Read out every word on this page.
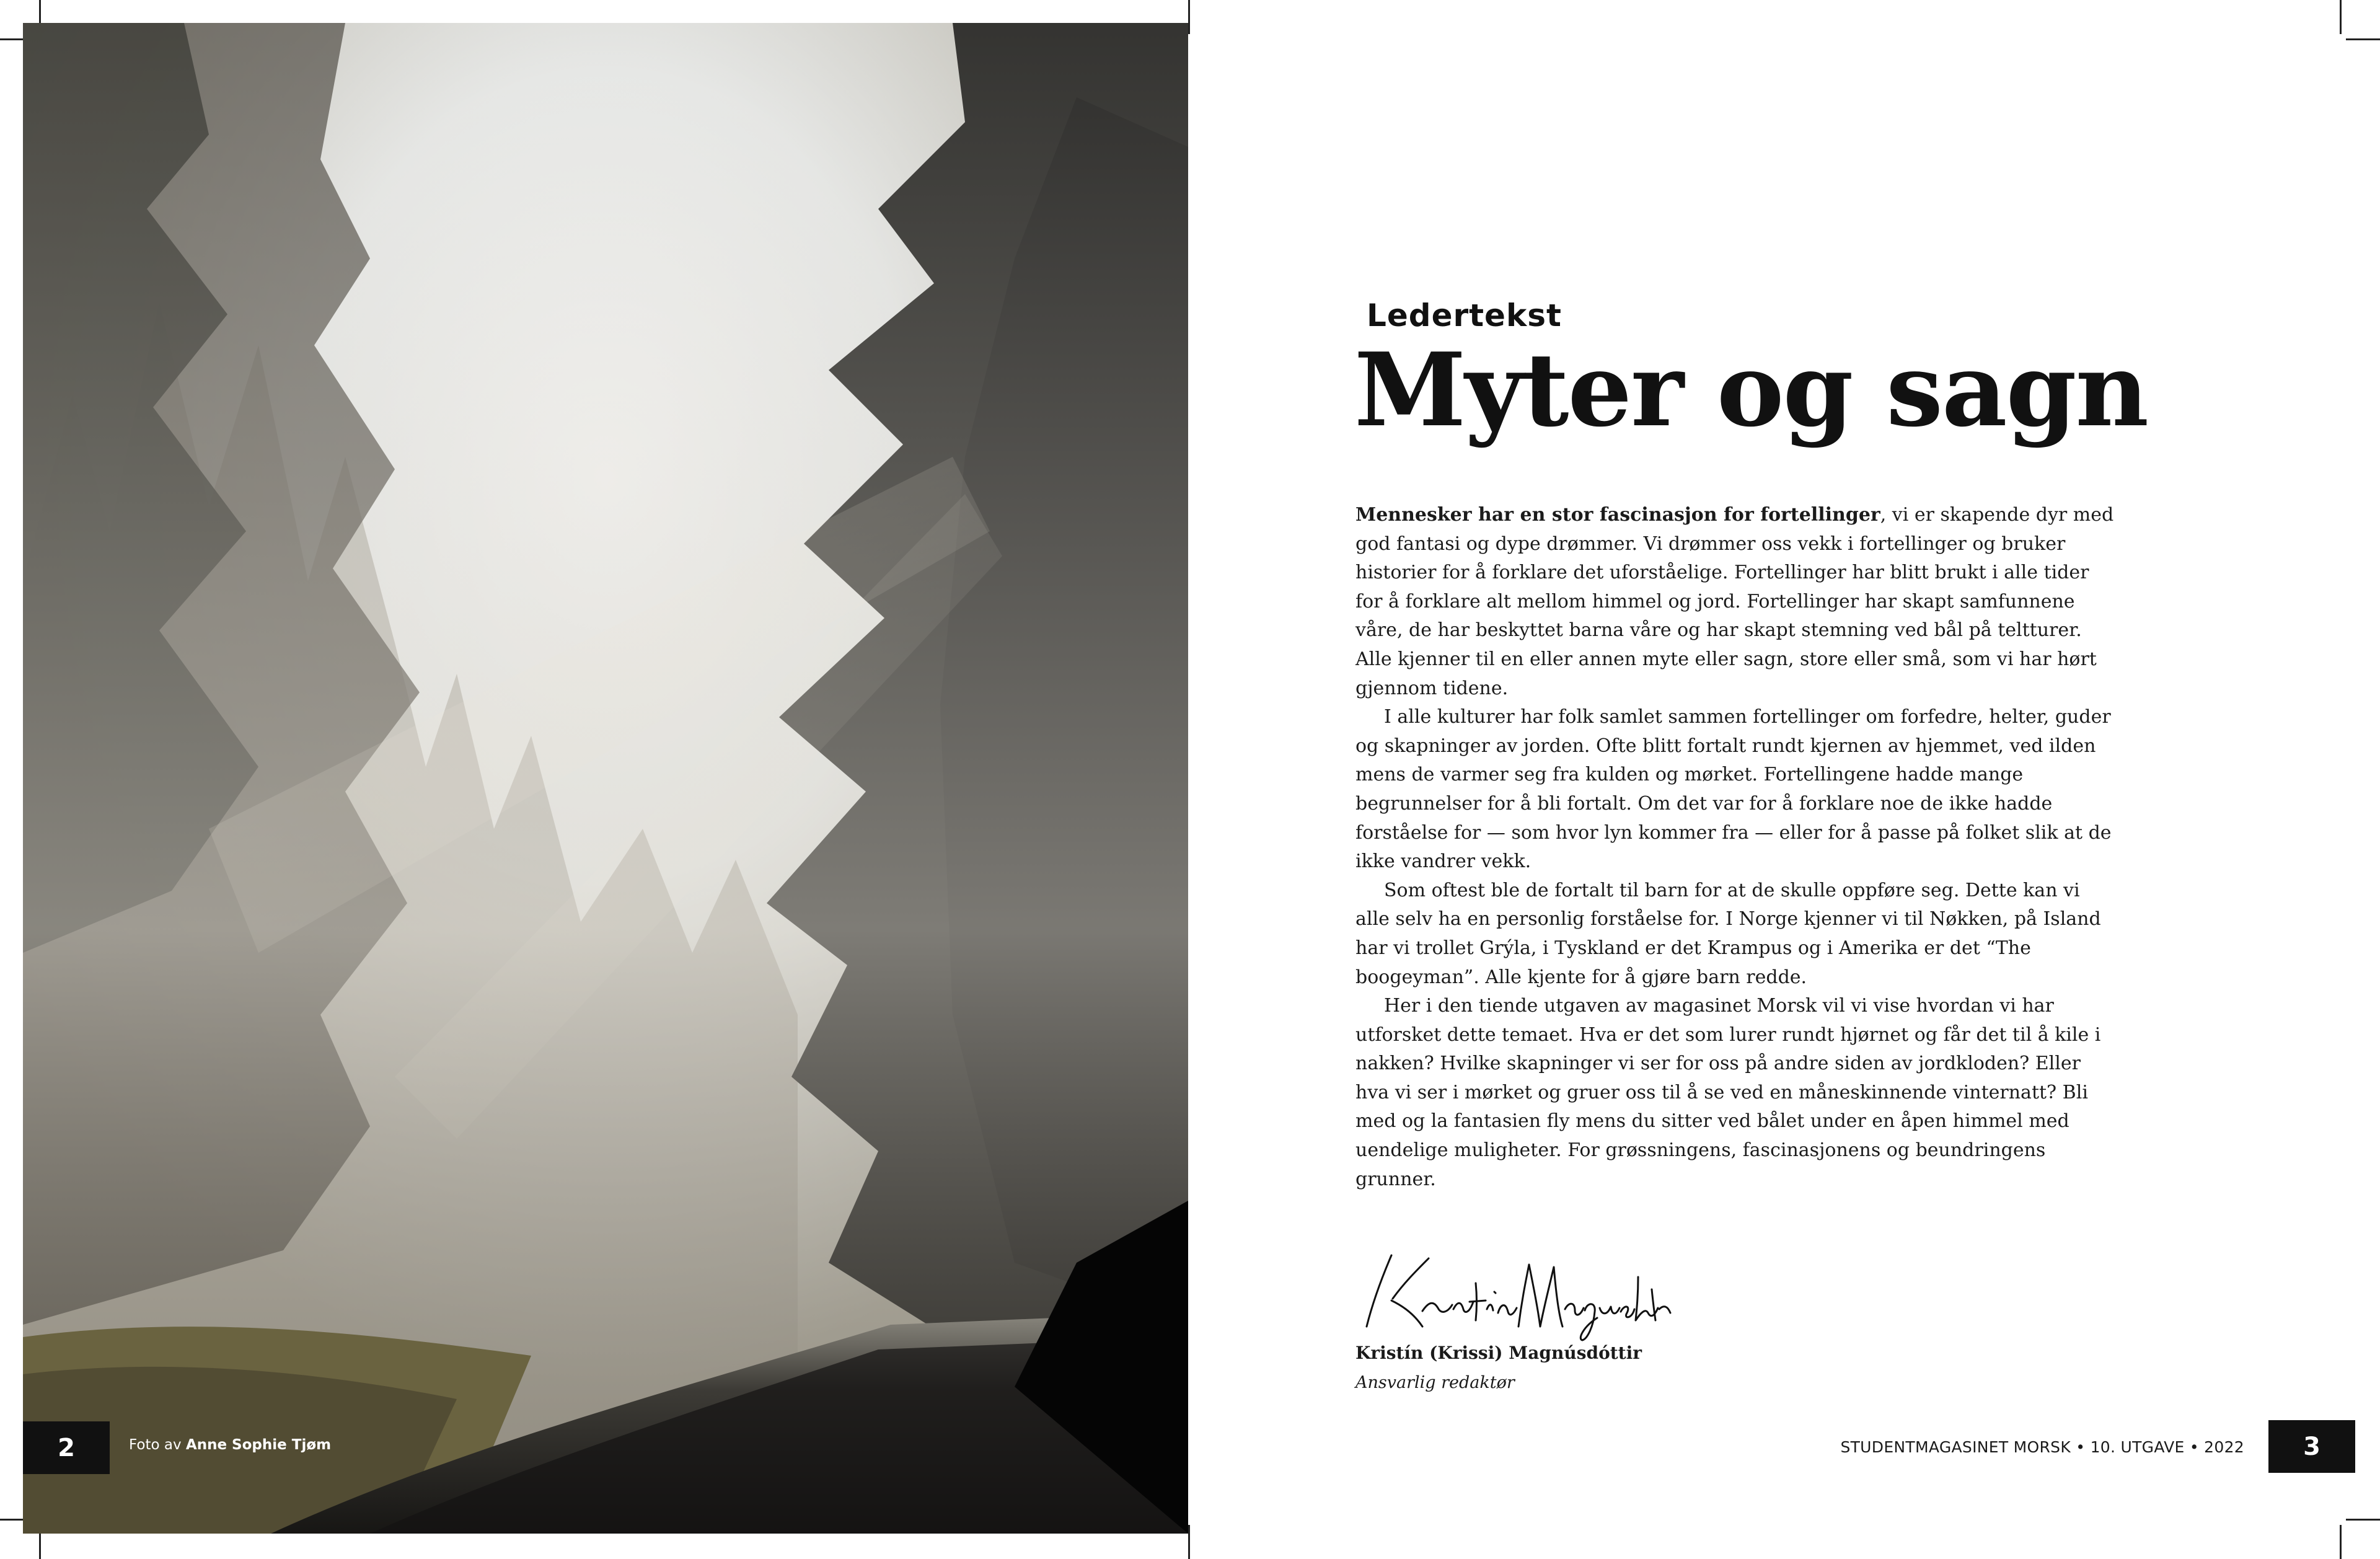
2	Foto av Anne Sophie Tjøm
Ledertekst
Myter og sagn

Mennesker har en stor fascinasjon for fortellinger, vi er skapende dyr med god fantasi og dype drømmer. Vi drømmer oss vekk i fortellinger og bruker historier for å forklare det uforståelige. Fortellinger har blitt brukt i alle tider for å forklare alt mellom himmel og jord. Fortellinger har skapt samfunnene våre, de har beskyttet barna våre og har skapt stemning ved bål på teltturer. Alle kjenner til en eller annen myte eller sagn, store eller små, som vi har hørt gjennom tidene.

I alle kulturer har folk samlet sammen fortellinger om forfedre, helter, guder og skapninger av jorden. Ofte blitt fortalt rundt kjernen av hjemmet, ved ilden mens de varmer seg fra kulden og mørket. Fortellingene hadde mange begrunnelser for å bli fortalt. Om det var for å forklare noe de ikke hadde forståelse for — som hvor lyn kommer fra — eller for å passe på folket slik at de ikke vandrer vekk.

Som oftest ble de fortalt til barn for at de skulle oppføre seg. Dette kan vi alle selv ha en personlig forståelse for. I Norge kjenner vi til Nøkken, på Island har vi trollet Grýla, i Tyskland er det Krampus og i Amerika er det “The boogeyman”. Alle kjente for å gjøre barn redde.

Her i den tiende utgaven av magasinet Morsk vil vi vise hvordan vi har utforsket dette temaet. Hva er det som lurer rundt hjørnet og får det til å kile i nakken? Hvilke skapninger vi ser for oss på andre siden av jordkloden? Eller hva vi ser i mørket og gruer oss til å se ved en måneskinnende vinternatt? Bli med og la fantasien fly mens du sitter ved bålet under en åpen himmel med uendelige muligheter. For grøssningens, fascinasjonens og beundringens grunner.

Kristín (Krissi) Magnúsdóttir
Ansvarlig redaktør
STUDENTMAGASINET MORSK • 10. UTGAVE • 2022	3
